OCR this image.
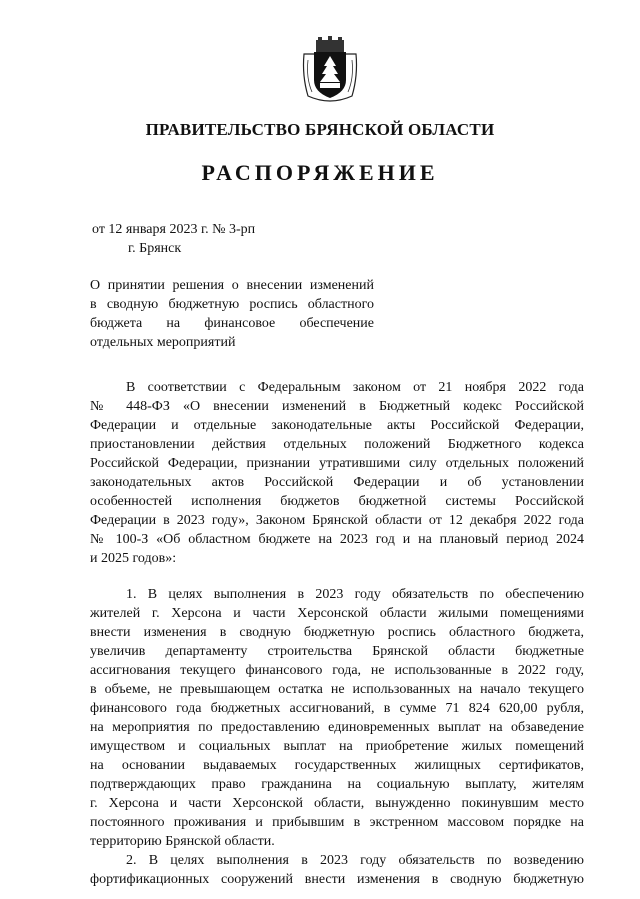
ПРАВИТЕЛЬСТВО БРЯНСКОЙ ОБЛАСТИ
РАСПОРЯЖЕНИЕ
от 12 января 2023 г. № 3-рп
г. Брянск
О принятии решения о внесении изменений
в сводную бюджетную роспись областного
бюджета на финансовое обеспечение
отдельных мероприятий
В соответствии с Федеральным законом от 21 ноября 2022 года
№ 448-ФЗ «О внесении изменений в Бюджетный кодекс Российской
Федерации и отдельные законодательные акты Российской Федерации,
приостановлении действия отдельных положений Бюджетного кодекса
Российской Федерации, признании утратившими силу отдельных положений
законодательных актов Российской Федерации и об установлении
особенностей исполнения бюджетов бюджетной системы Российской
Федерации в 2023 году», Законом Брянской области от 12 декабря 2022 года
№ 100-З «Об областном бюджете на 2023 год и на плановый период 2024
и 2025 годов»:
1. В целях выполнения в 2023 году обязательств по обеспечению
жителей г. Херсона и части Херсонской области жилыми помещениями
внести изменения в сводную бюджетную роспись областного бюджета,
увеличив департаменту строительства Брянской области бюджетные
ассигнования текущего финансового года, не использованные в 2022 году,
в объеме, не превышающем остатка не использованных на начало текущего
финансового года бюджетных ассигнований, в сумме 71 824 620,00 рубля,
на мероприятия по предоставлению единовременных выплат на обзаведение
имуществом и социальных выплат на приобретение жилых помещений
на основании выдаваемых государственных жилищных сертификатов,
подтверждающих право гражданина на социальную выплату, жителям
г. Херсона и части Херсонской области, вынужденно покинувшим место
постоянного проживания и прибывшим в экстренном массовом порядке на
территорию Брянской области.
2. В целях выполнения в 2023 году обязательств по возведению
фортификационных сооружений внести изменения в сводную бюджетную
